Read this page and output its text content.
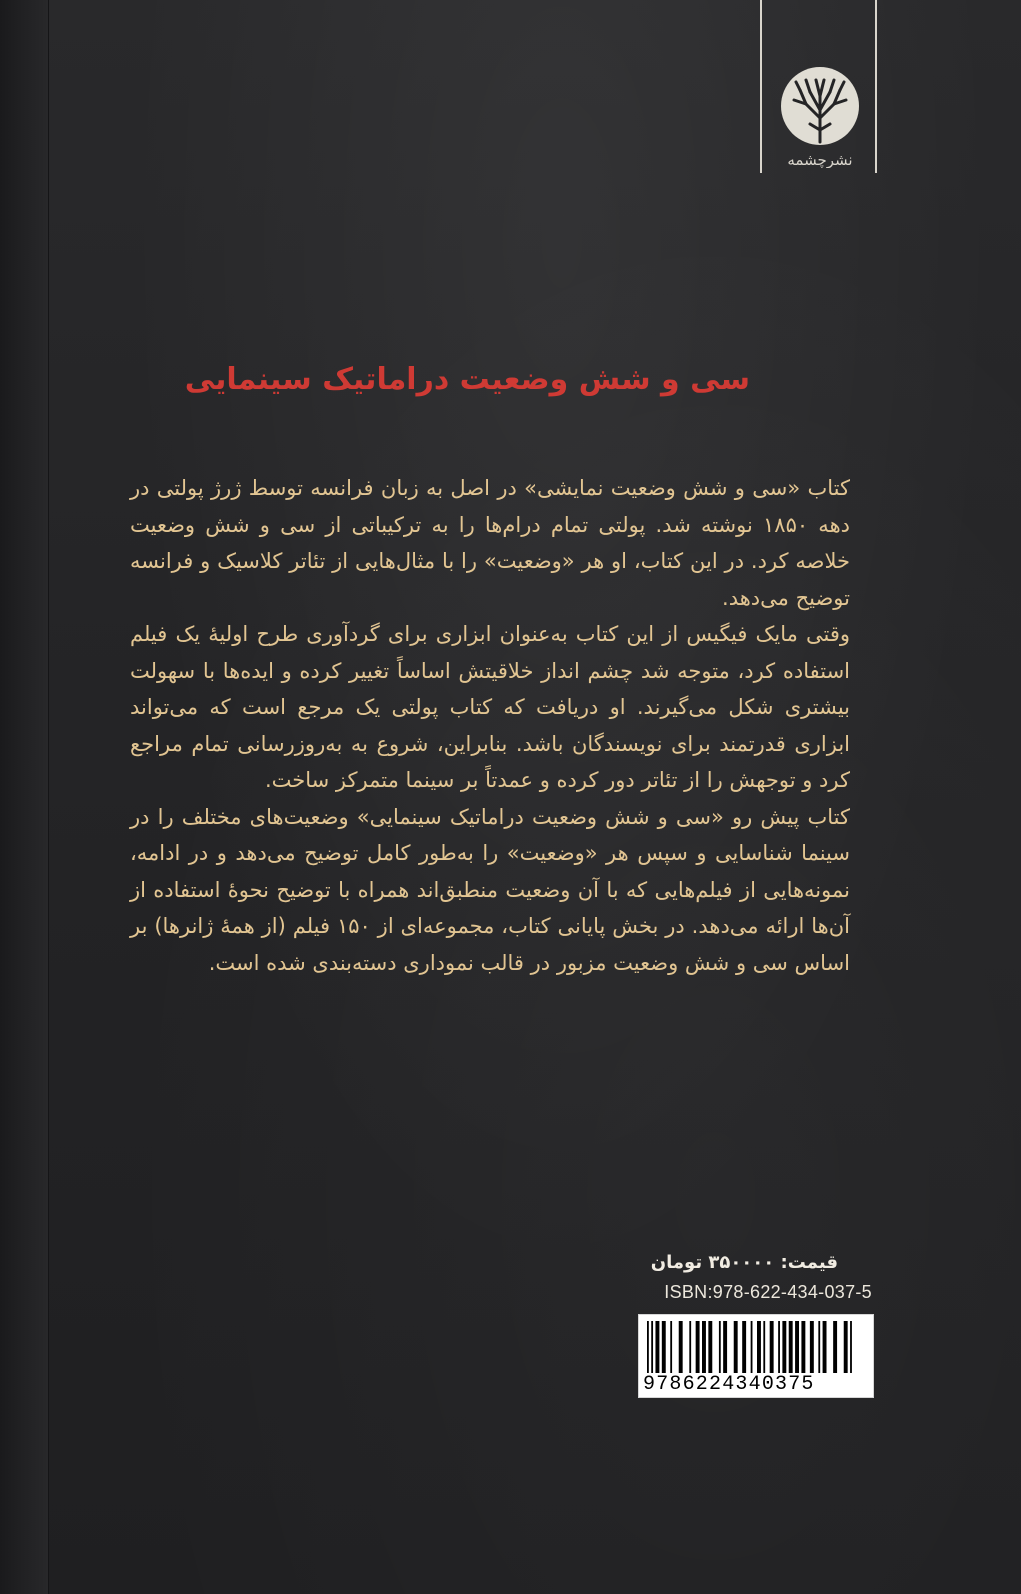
نشرچشمه
سی و شش وضعیت دراماتیک سینمایی

کتاب «سی و شش وضعیت نمایشی» در اصل به زبان فرانسه توسط ژرژ پولتی در دهه ۱۸۵۰ نوشته شد. پولتی تمام درام‌ها را به ترکیباتی از سی و شش وضعیت خلاصه کرد. در این کتاب، او هر «وضعیت» را با مثال‌هایی از تئاتر کلاسیک و فرانسه توضیح می‌دهد.

وقتی مایک فیگیس از این کتاب به‌عنوان ابزاری برای گردآوری طرح اولیهٔ یک فیلم استفاده کرد، متوجه شد چشم انداز خلاقیتش اساساً تغییر کرده و ایده‌ها با سهولت بیشتری شکل می‌گیرند. او دریافت که کتاب پولتی یک مرجع است که می‌تواند ابزاری قدرتمند برای نویسندگان باشد. بنابراین، شروع به به‌روزرسانی تمام مراجع کرد و توجهش را از تئاتر دور کرده و عمدتاً بر سینما متمرکز ساخت.

کتاب پیش رو «سی و شش وضعیت دراماتیک سینمایی» وضعیت‌های مختلف را در سینما شناسایی و سپس هر «وضعیت» را به‌طور کامل توضیح می‌دهد و در ادامه، نمونه‌هایی از فیلم‌هایی که با آن وضعیت منطبق‌اند همراه با توضیح نحوهٔ استفاده از آن‌ها ارائه می‌دهد. در بخش پایانی کتاب، مجموعه‌ای از ۱۵۰ فیلم (از همهٔ ژانرها) بر اساس سی و شش وضعیت مزبور در قالب نموداری دسته‌بندی شده است.

قیمت: ۳۵۰۰۰۰ تومان
ISBN:978-622-434-037-5
9786224340375
